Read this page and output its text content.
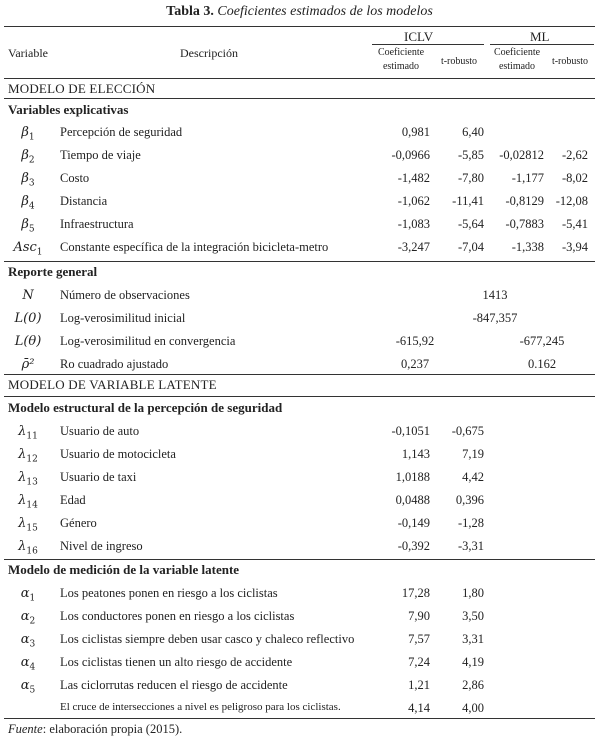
Tabla 3. Coeficientes estimados de los modelos
Variable	Descripción
ICLV	ML
Coeficiente
estimado	t-robusto
Coeficiente
estimado	t-robusto
MODELO DE ELECCIÓN
Variables explicativas
$\beta_1$	Percepción de seguridad	0,981	6,40
$\beta_2$	Tiempo de viaje	-0,0966	-5,85	-0,02812	-2,62
$\beta_3$	Costo	-1,482	-7,80	-1,177	-8,02
$\beta_4$	Distancia	-1,062	-11,41	-0,8129 -12,08
$\beta_5$	Infraestructura	-1,083	-5,64	-0,7883	-5,41
Asc$_1$	Constante específica de la integración bicicleta-metro	-3,247	-7,04	-1,338	-3,94
Reporte general
N	Número de observaciones	1413
L(0)	Log-verosimilitud inicial	-847,357
L(θ)	Log-verosimilitud en convergencia	-615,92	-677,245
ρ̄²	Ro cuadrado ajustado	0,237	0.162
MODELO DE VARIABLE LATENTE
Modelo estructural de la percepción de seguridad
$\lambda_{11}$	Usuario de auto	-0,1051	-0,675
$\lambda_{12}$	Usuario de motocicleta	1,143	7,19
$\lambda_{13}$	Usuario de taxi	1,0188	4,42
$\lambda_{14}$	Edad	0,0488	0,396
$\lambda_{15}$	Género	-0,149	-1,28
$\lambda_{16}$	Nivel de ingreso	-0,392	-3,31
Modelo de medición de la variable latente
$\alpha_1$	Los peatones ponen en riesgo a los ciclistas	17,28	1,80
$\alpha_2$	Los conductores ponen en riesgo a los ciclistas	7,90	3,50
$\alpha_3$	Los ciclistas siempre deben usar casco y chaleco reflectivo	7,57	3,31
$\alpha_4$	Los ciclistas tienen un alto riesgo de accidente	7,24	4,19
$\alpha_5$	Las ciclorrutas reducen el riesgo de accidente	1,21	2,86
El cruce de intersecciones a nivel es peligroso para los ciclistas.	4,14	4,00
Fuente: elaboración propia (2015).
